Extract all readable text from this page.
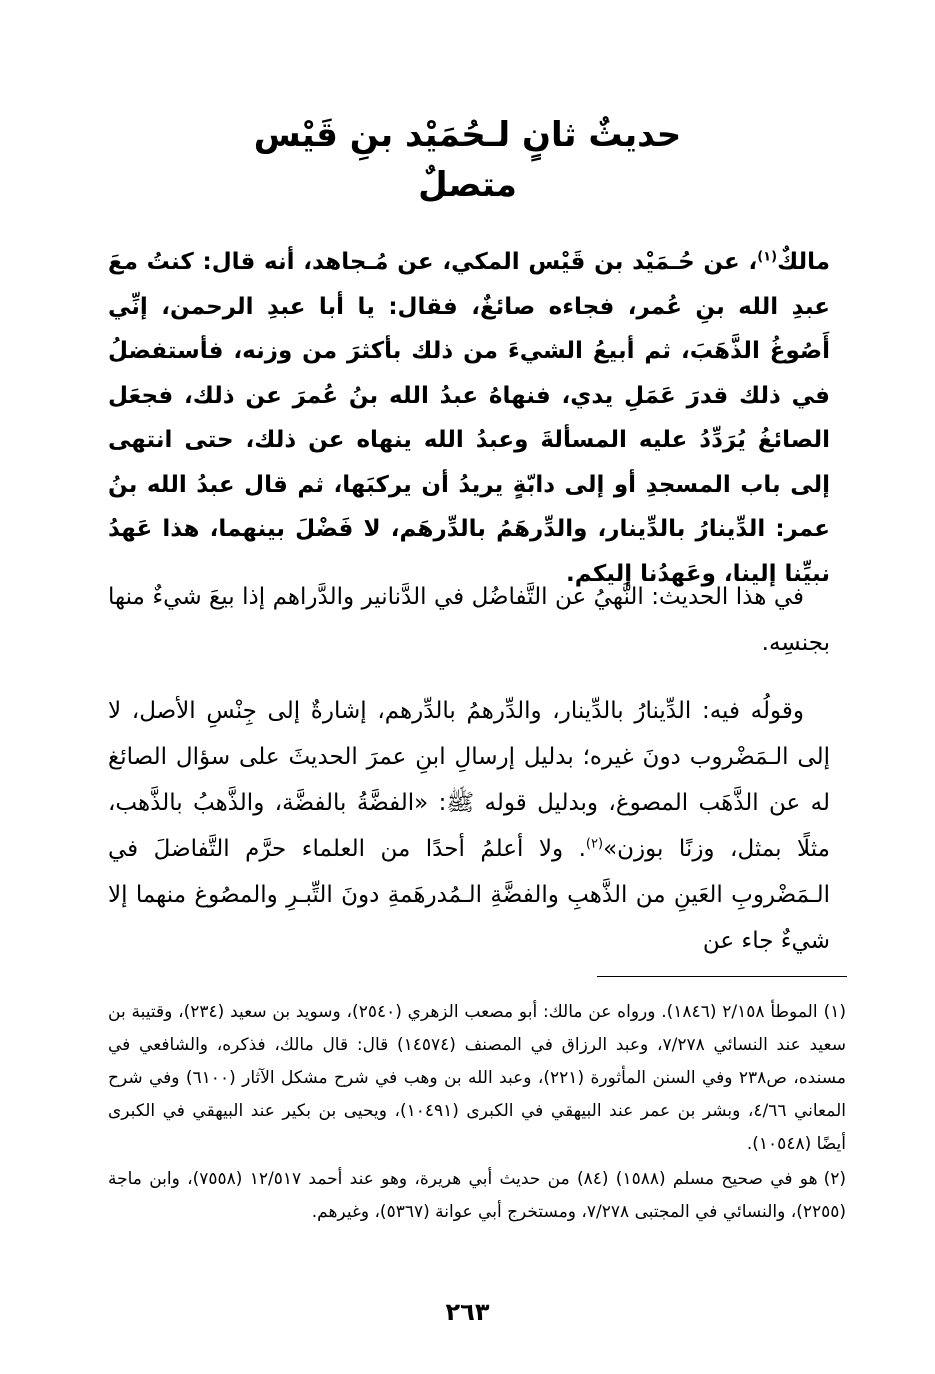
حديثٌ ثانٍ لـحُمَيْد بنِ قَيْس
متصلٌ

مالكٌ$^{(١)}$، عن حُـمَيْد بن قَيْس المكي، عن مُـجاهد، أنه قال: كنتُ معَ عبدِ الله بنِ عُمر، فجاءه صائغٌ، فقال: يا أبا عبدِ الرحمن، إنِّي أَصُوغُ الذَّهَبَ، ثم أبيعُ الشيءَ من ذلك بأكثرَ من وزنه، فأستفضلُ في ذلك قدرَ عَمَلِ يدي، فنهاهُ عبدُ الله بنُ عُمرَ عن ذلك، فجعَل الصائغُ يُرَدِّدُ عليه المسألةَ وعبدُ الله ينهاه عن ذلك، حتى انتهى إلى باب المسجدِ أو إلى دابّةٍ يريدُ أن يركبَها، ثم قال عبدُ الله بنُ عمر: الدِّينارُ بالدِّينار، والدِّرهَمُ بالدِّرهَم، لا فَضْلَ بينهما، هذا عَهدُ نبيِّنا إلينا، وعَهدُنا إليكم.

في هذا الحديث: النَّهيُ عن التَّفاضُل في الدَّنانير والدَّراهم إذا بيعَ شيءٌ منها بجنسِه.

وقولُه فيه: الدِّينارُ بالدِّينار، والدِّرهمُ بالدِّرهم، إشارةٌ إلى جِنْسِ الأصل، لا إلى الـمَضْروب دونَ غيره؛ بدليل إرسالِ ابنِ عمرَ الحديثَ على سؤال الصائغ له عن الذَّهَب المصوغ، وبدليل قوله ﷺ: «الفضَّةُ بالفضَّة، والذَّهبُ بالذَّهب، مثلًا بمثل، وزنًا بوزن»$^{(٢)}$. ولا أعلمُ أحدًا من العلماء حرَّم التَّفاضلَ في الـمَضْروبِ العَينِ من الذَّهبِ والفضَّةِ الـمُدرهَمةِ دونَ التِّبـرِ والمصُوغ منهما إلا شيءٌ جاء عن

(١)الموطأ ٢/١٥٨ (١٨٤٦). ورواه عن مالك: أبو مصعب الزهري (٢٥٤٠)، وسويد بن سعيد (٢٣٤)، وقتيبة بن سعيد عند النسائي ٧/٢٧٨، وعبد الرزاق في المصنف (١٤٥٧٤) قال: قال مالك، فذكره، والشافعي في مسنده، ص٢٣٨ وفي السنن المأثورة (٢٢١)، وعبد الله بن وهب في شرح مشكل الآثار (٦١٠٠) وفي شرح المعاني ٤/٦٦، وبشر بن عمر عند البيهقي في الكبرى (١٠٤٩١)، ويحيى بن بكير عند البيهقي في الكبرى أيضًا (١٠٥٤٨).

(٢)هو في صحيح مسلم (١٥٨٨) (٨٤) من حديث أبي هريرة، وهو عند أحمد ١٢/٥١٧ (٧٥٥٨)، وابن ماجة (٢٢٥٥)، والنسائي في المجتبى ٧/٢٧٨، ومستخرج أبي عوانة (٥٣٦٧)، وغيرهم.

٢٦٣
